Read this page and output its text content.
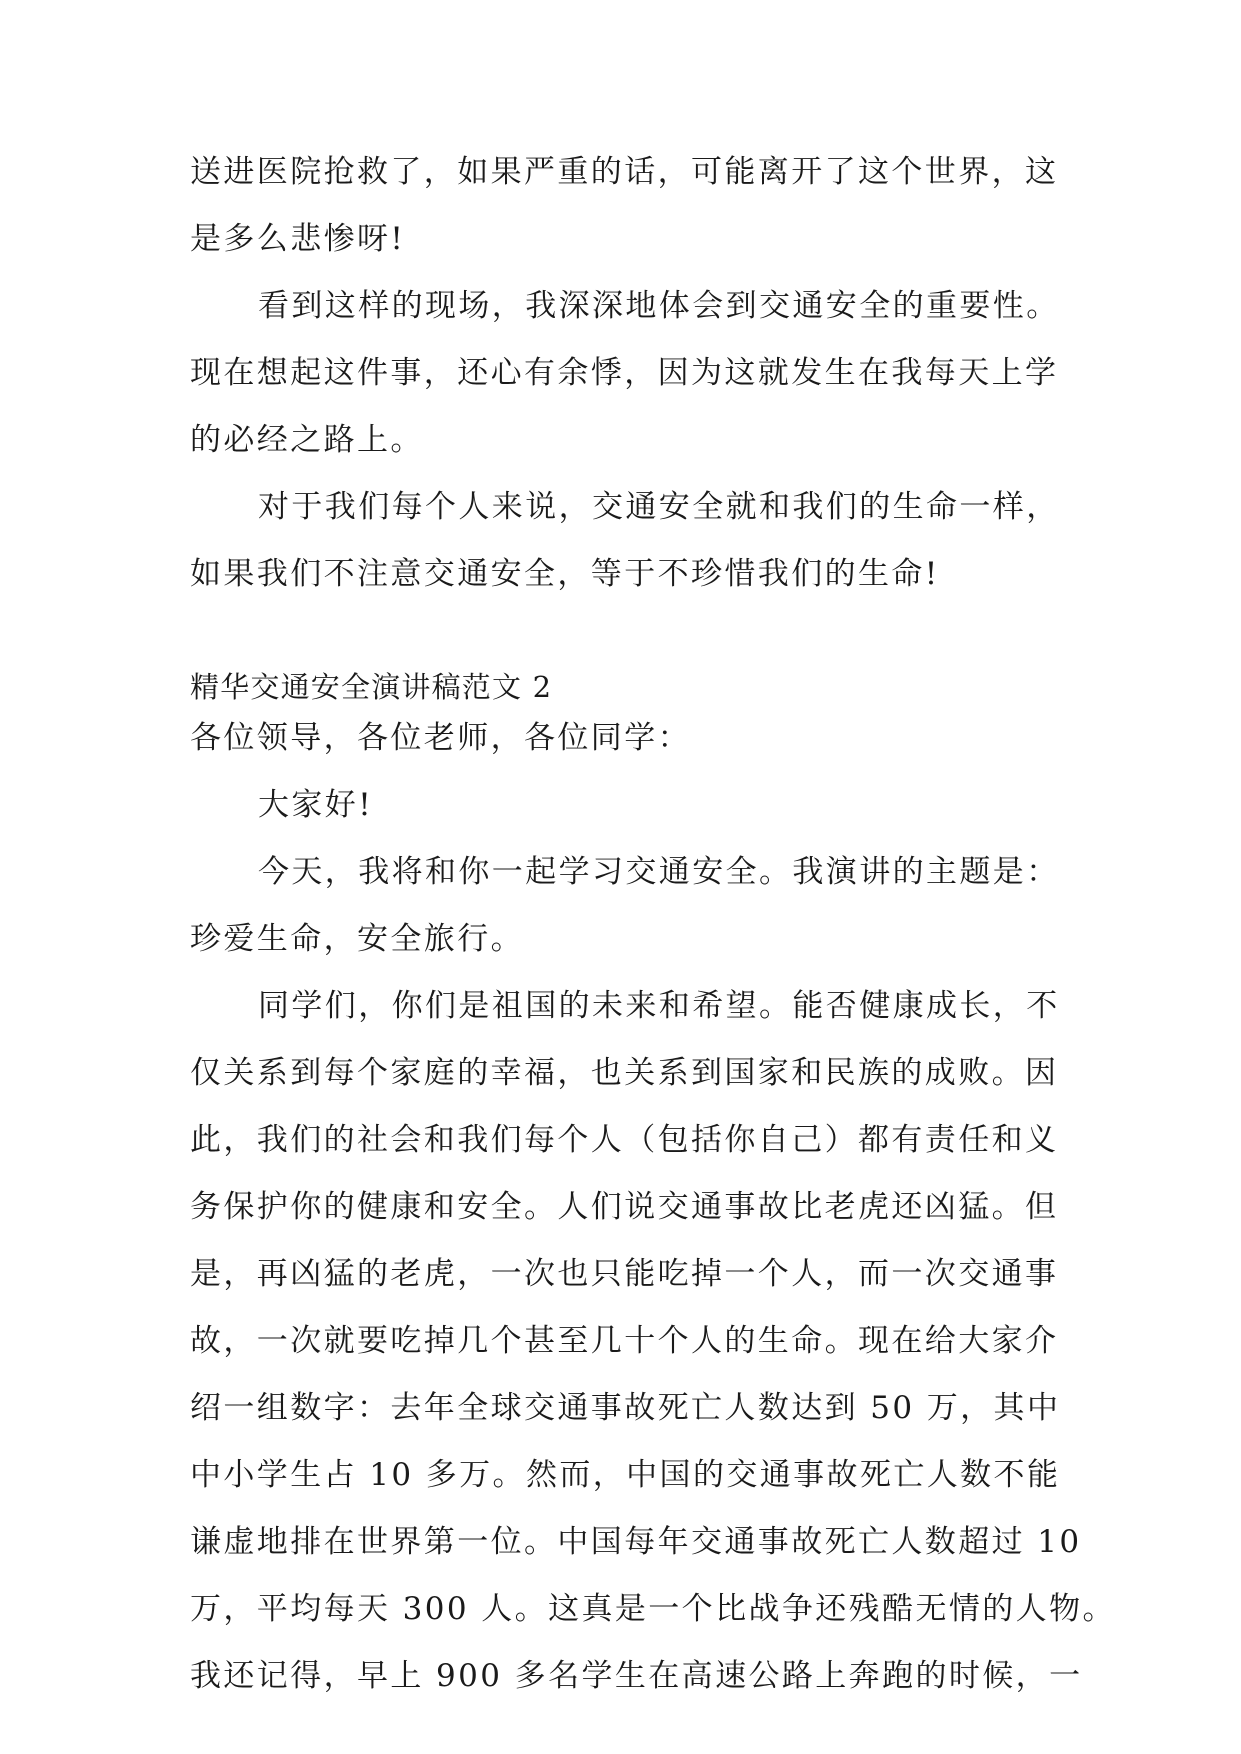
送进医院抢救了，如果严重的话，可能离开了这个世界，这
是多么悲惨呀!
看到这样的现场，我深深地体会到交通安全的重要性。
现在想起这件事，还心有余悸，因为这就发生在我每天上学
的必经之路上。
对于我们每个人来说，交通安全就和我们的生命一样，
如果我们不注意交通安全，等于不珍惜我们的生命!
精华交通安全演讲稿范文 2
各位领导，各位老师，各位同学：
大家好!
今天，我将和你一起学习交通安全。我演讲的主题是：
珍爱生命，安全旅行。
同学们，你们是祖国的未来和希望。能否健康成长，不
仅关系到每个家庭的幸福，也关系到国家和民族的成败。因
此，我们的社会和我们每个人（包括你自己）都有责任和义
务保护你的健康和安全。人们说交通事故比老虎还凶猛。但
是，再凶猛的老虎，一次也只能吃掉一个人，而一次交通事
故，一次就要吃掉几个甚至几十个人的生命。现在给大家介
绍一组数字：去年全球交通事故死亡人数达到 50 万，其中
中小学生占 10 多万。然而，中国的交通事故死亡人数不能
谦虚地排在世界第一位。中国每年交通事故死亡人数超过 10
万，平均每天 300 人。这真是一个比战争还残酷无情的人物。
我还记得，早上 900 多名学生在高速公路上奔跑的时候，一
